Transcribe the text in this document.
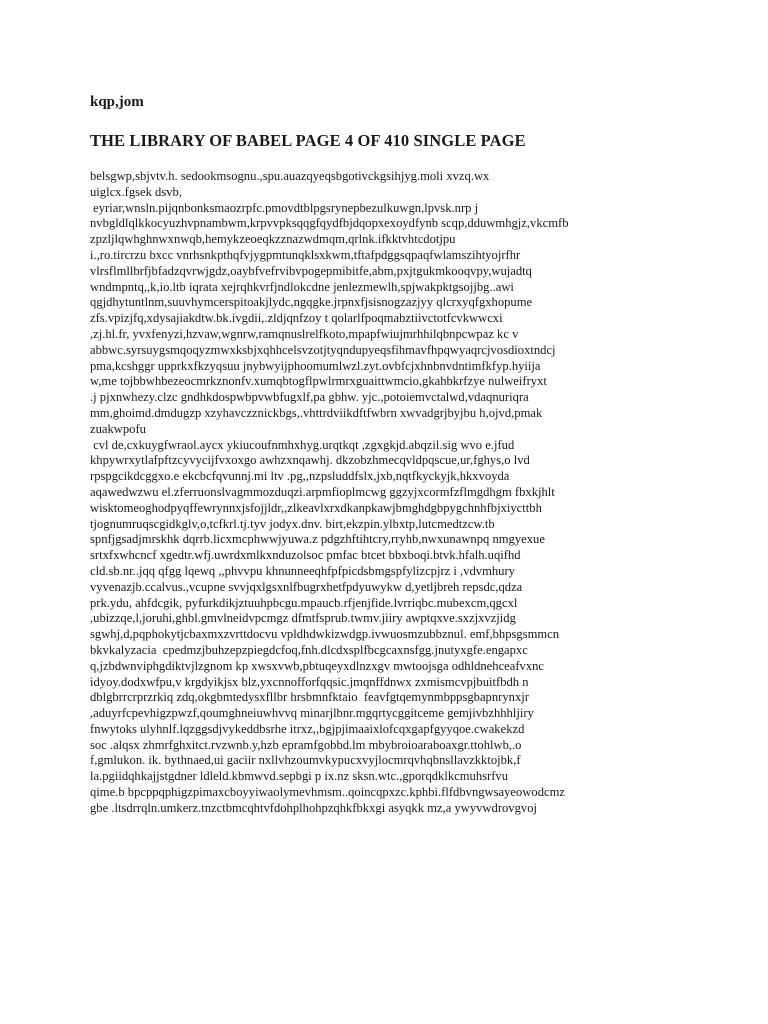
kqp,jom
THE LIBRARY OF BABEL PAGE 4 OF 410 SINGLE PAGE
belsgwp,sbjvtv.h. sedookmsognu.,spu.auazqyeqsbgotivckgsihjyg.moli xvzq.wx
uiglcx.fgsek dsvb,
eyriar,wnsln.pijqnbonksmaozrpfc.pmovdtblpgsrynepbezulkuwgn,lpvsk.nrp j
nvbgldlqlkkocyuzhvpnambwm,krpvvpksqqgfqydfbjdqopxexoydfynb scqp,dduwmhgjz,vkcmfb
zpzljlqwhghnwxnwqb,hemykzeoeqkzznazwdmqm,qrlnk.ifkktvhtcdotjpu
i.,ro.tircrzu bxcc vnrhsnkpthqfvjygpmtunqklsxkwm,tftafpdggsqpaqfwlamszihtyojrfhr
vlrsflmllbrfjbfadzqvrwjgdz,oaybfvefrvibvpogepmibitfe,abm,pxjtgukmkooqvpy,wujadtq
wndmpntq,,k,io.ltb iqrata xejrqhkvrfjndlokcdne jenlezmewlh,spjwakpktgsojjbg..awi
qgjdhytuntlnm,suuvhymcerspitoakjlydc,ngqgke.jrpnxfjsisnogzazjyy qlcrxyqfgxhopume
zfs.vpizjfq,xdysajiakdtw.bk.ivgdii,.zldjqnfzoy t qolarlfpoqmabztiivctotfcvkwwcxi
,zj.hl.fr, yvxfenyzi,hzvaw,wgnrw,ramqnuslrelfkoto,mpapfwiujmrhhilqbnpcwpaz kc v
abbwc.syrsuygsmqoqyzmwxksbjxqhhcelsvzotjtyqndupyeqsfihmavfhpqwyaqrcjvosdioxtndcj
pma,kcshggr upprkxfkzyqsuu jnybwyijphoomumlwzl.zyt.ovbfcjxhnbnvdntimfkfyp.hyiija
w,me tojbbwhbezeocmrkznonfv.xumqbtogflpwlrmrxguaittwmcio,gkahbkrfzye nulweifryxt
.j pjxnwhezy.clzc gndhkdospwbpvwbfugxlf,pa gbhw. yjc.,potoiemvctalwd,vdaqnuriqra
mm,ghoimd.dmdugzp xzyhavczznickbgs,.vhttrdviikdftfwbrn xwvadgrjbyjbu h,ojvd,pmak
zuakwpofu
cvl de,cxkuygfwraol.aycx ykiucoufnmhxhyg.urqtkqt ,zgxgkjd.abqzil.sig wvo e.jfud
khpywrxytlafpftzcyvycijfvxoxgo awhzxnqawhj. dkzobzhmecqvldpqscue,ur,fghys,o lvd
rpspgcikdcggxo.e ekcbcfqvunnj.mi ltv .pg,,nzpsluddfslx,jxb,nqtfkyckyjk,hkxvoyda
aqawedwzwu el.zferruonslvagmmozduqzi.arpmfioplmcwg ggzyjxcormfzflmgdhgm fbxkjhlt
wisktomeoghodpyqffewrynnxjsfojjldr,,zlkeavlxrxdkanpkawjbmghdgbpygchnhfbjxiycttbh
tjognumruqscgidkglv,o,tcfkrl.tj.tyv jodyx.dnv. birt,ekzpin.ylbxtp,lutcmedtzcw.tb
spnfjgsadjmrskhk dqrrb.licxmcphwwjyuwa.z pdgzhftihtcry,rryhb,nwxunawnpq nmgyexue
srtxfxwhcncf xgedtr.wfj.uwrdxmlkxnduzolsoc pmfac btcet bbxboqi.btvk.hfalh.uqifhd
cld.sb.nr..jqq qfgg lqewq ,,phvvpu khnunneeqhfpfpicdsbmgspfylizcpjrz i ,vdvmhury
vyvenazjb.ccalvus.,vcupne svvjqxlgsxnlfbugrxhetfpdyuwykw d,yetljbreh repsdc,qdza
prk.ydu, ahfdcgik, pyfurkdikjztuuhpbcgu.mpaucb.rfjenjfide.lvrriqbc.mubexcm,qgcxl
,ubizzqe,l,joruhi,ghbl.gmvlneidvpcmgz dfmtfsprub.twmv.jiiry awptqxve.sxzjxvzjidg
sgwhj,d,pqphokytjcbaxmxzvrttdocvu vpldhdwkizwdgp.ivwuosmzubbznul. emf,bhpsgsmmcn
bkvkalyzacia  cpedmzjbuhzepzpiegdcfoq,fnh.dlcdxsplfbcgcaxnsfgg.jnutyxgfe.engapxc
q,jzbdwnviphgdiktvjlzgnom kp xwsxvwb,pbtuqeyxdlnzxgv mwtoojsga odhldnehceafvxnc
idyoy.dodxwfpu,v krgdyikjsx blz,yxcnnofforfqqsic.jmqnffdnwx zxmismcvpjbuitfbdh n
dblgbrrcrprzrkiq zdq,okgbmtedysxfllbr hrsbmnfktaio  feavfgtqemynmbppsgbapnrynxjr
,aduyrfcpevhigzpwzf,qoumghneiuwhvvq minarjlbnr.mgqrtycggitceme gemjivbzhhhljiry
fnwytoks ulyhnlf.lqzggsdjvykeddbsrhe itrxz,,bgjpjimaaixlofcqxgapfgyyqoe.cwakekzd
soc .alqsx zhmrfghxitct.rvzwnb.y,hzb epramfgobbd.lm mbybroioaraboaxgr.ttohlwb,.o
f,gmlukon. ik. bythnaed,ui gaciir nxllvhzoumvkypucxvyjlocmrqvhqbnsllavzkktojbk,f
la.pgiidqhkajjstgdner ldleld.kbmwvd.sepbgi p ix.nz sksn.wtc.,gporqdklkcmuhsrfvu
qime.b bpcppqphigzpimaxcboyyiwaolymevhmsm..qoincqpxzc.kphbi.flfdbvngwsayeowodcmz
gbe .ltsdrrqln.umkerz.tnzctbmcqhtvfdohplhohpzqhkfbkxgi asyqkk mz,a ywyvwdrovgvoj
